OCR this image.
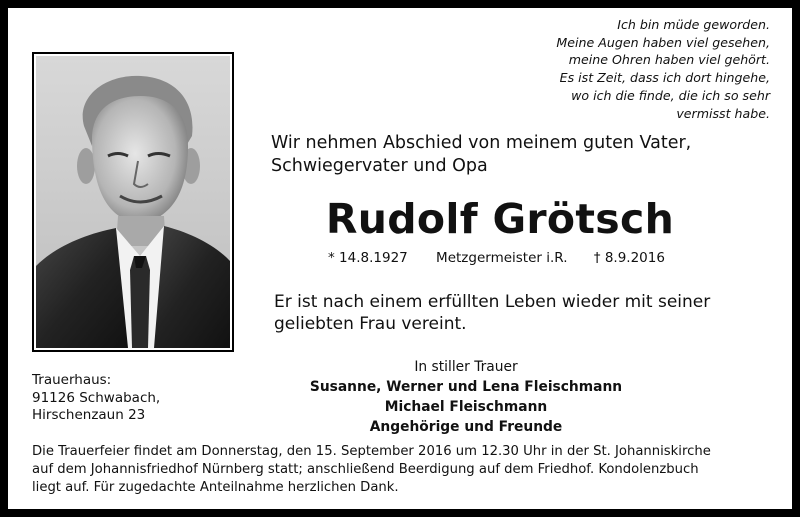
Ich bin müde geworden.
Meine Augen haben viel gesehen,
meine Ohren haben viel gehört.
Es ist Zeit, dass ich dort hingehe,
wo ich die finde, die ich so sehr
vermisst habe.
Wir nehmen Abschied von meinem guten Vater,
Schwiegervater und Opa
Rudolf Grötsch
* 14.8.1927 Metzgermeister i.R. † 8.9.2016
Er ist nach einem erfüllten Leben wieder mit seiner
geliebten Frau vereint.
In stiller Trauer
Susanne, Werner und Lena Fleischmann
Michael Fleischmann
Angehörige und Freunde
Trauerhaus:
91126 Schwabach,
Hirschenzaun 23
Die Trauerfeier findet am Donnerstag, den 15. September 2016 um 12.30 Uhr in der St. Johanniskirche
auf dem Johannisfriedhof Nürnberg statt; anschließend Beerdigung auf dem Friedhof. Kondolenzbuch
liegt auf. Für zugedachte Anteilnahme herzlichen Dank.
